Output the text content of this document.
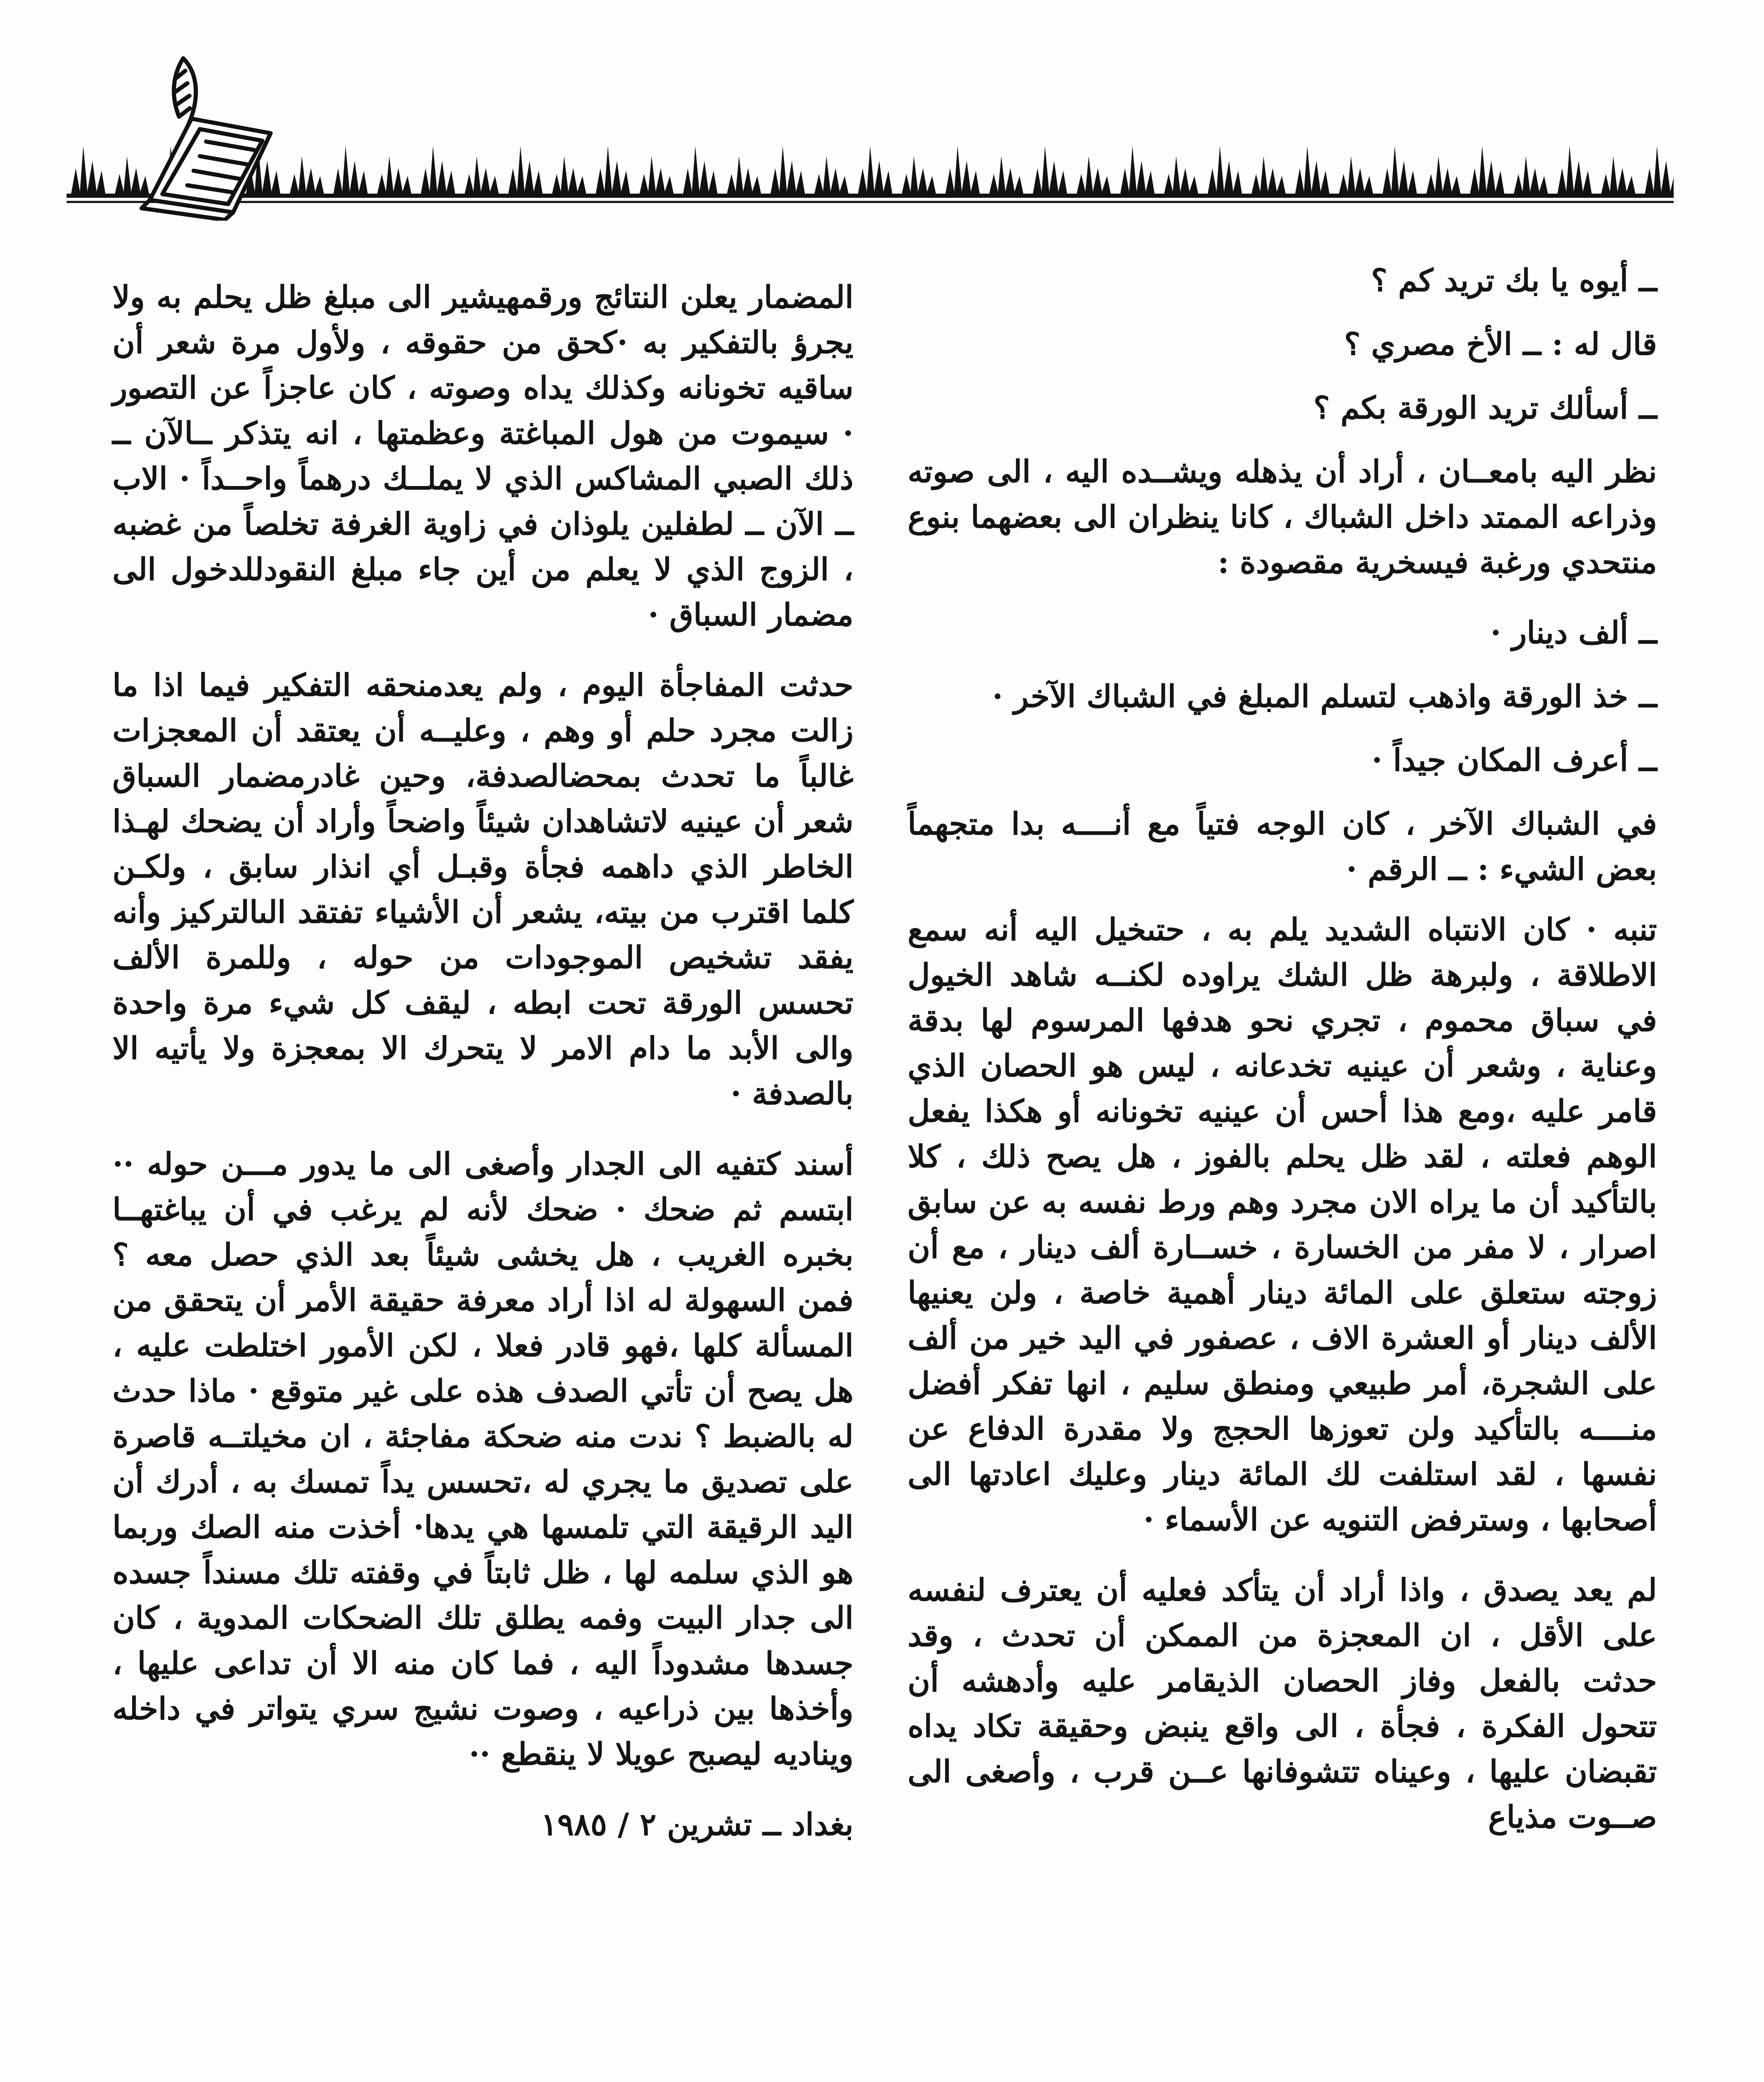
ــ أيوه يا بك تريد كم ؟

قال له : ــ الأخ مصري ؟

ــ أسألك تريد الورقة بكم ؟

نظر اليه بامعــان ، أراد أن يذهله ويشــده اليه ، الى صوته وذراعه الممتد داخل الشباك ، كانا ينظران الى بعضهما بنوع منتحدي ورغبة فيسخرية مقصودة :

ــ ألف دينار ·

ــ خذ الورقة واذهب لتسلم المبلغ في الشباك الآخر ·

ــ أعرف المكان جيداً ·

في الشباك الآخر ، كان الوجه فتياً مع أنــــه بدا متجهماً بعض الشيء : ــ الرقم ·

تنبه · كان الانتباه الشديد يلم به ، حتىخيل اليه أنه سمع الاطلاقة ، ولبرهة ظل الشك يراوده لكنــه شاهد الخيول في سباق محموم ، تجري نحو هدفها المرسوم لها بدقة وعناية ، وشعر أن عينيه تخدعانه ، ليس هو الحصان الذي قامر عليه ،ومع هذا أحس أن عينيه تخونانه أو هكذا يفعل الوهم فعلته ، لقد ظل يحلم بالفوز ، هل يصح ذلك ، كلا بالتأكيد أن ما يراه الان مجرد وهم ورط نفسه به عن سابق اصرار ، لا مفر من الخسارة ، خســارة ألف دينار ، مع أن زوجته ستعلق على المائة دينار أهمية خاصة ، ولن يعنيها الألف دينار أو العشرة الاف ، عصفور في اليد خير من ألف على الشجرة، أمر طبيعي ومنطق سليم ، انها تفكر أفضل منــــه بالتأكيد ولن تعوزها الحجج ولا مقدرة الدفاع عن نفسها ، لقد استلفت لك المائة دينار وعليك اعادتها الى أصحابها ، وسترفض التنويه عن الأسماء ·

لم يعد يصدق ، واذا أراد أن يتأكد فعليه أن يعترف لنفسه على الأقل ، ان المعجزة من الممكن أن تحدث ، وقد حدثت بالفعل وفاز الحصان الذيقامر عليه وأدهشه أن تتحول الفكرة ، فجأة ، الى واقع ينبض وحقيقة تكاد يداه تقبضان عليها ، وعيناه تتشوفانها عــن قرب ، وأصغى الى صــوت مذياع

المضمار يعلن النتائج ورقمهيشير الى مبلغ ظل يحلم به ولا يجرؤ بالتفكير به ·كحق من حقوقه ، ولأول مرة شعر أن ساقيه تخونانه وكذلك يداه وصوته ، كان عاجزاً عن التصور · سيموت من هول المباغتة وعظمتها ، انه يتذكر ــالآن ــ ذلك الصبي المشاكس الذي لا يملــك درهماً واحــداً · الاب ــ الآن ــ لطفلين يلوذان في زاوية الغرفة تخلصاً من غضبه ، الزوج الذي لا يعلم من أين جاء مبلغ النقودللدخول الى مضمار السباق ·

حدثت المفاجأة اليوم ، ولم يعدمنحقه التفكير فيما اذا ما زالت مجرد حلم أو وهم ، وعليــه أن يعتقد أن المعجزات غالباً ما تحدث بمحضالصدفة، وحين غادرمضمار السباق شعر أن عينيه لاتشاهدان شيئاً واضحاً وأراد أن يضحك لهـذا الخاطر الذي داهمه فجأة وقبـل أي انذار سابق ، ولكـن كلما اقترب من بيته، يشعر أن الأشياء تفتقد الىالتركيز وأنه يفقد تشخيص الموجودات من حوله ، وللمرة الألف تحسس الورقة تحت ابطه ، ليقف كل شيء مرة واحدة والى الأبد ما دام الامر لا يتحرك الا بمعجزة ولا يأتيه الا بالصدفة ·

أسند كتفيه الى الجدار وأصغى الى ما يدور مـــن حوله ·· ابتسم ثم ضحك · ضحك لأنه لم يرغب في أن يباغتهــا بخبره الغريب ، هل يخشى شيئاً بعد الذي حصل معه ؟ فمن السهولة له اذا أراد معرفة حقيقة الأمر أن يتحقق من المسألة كلها ،فهو قادر فعلا ، لكن الأمور اختلطت عليه ، هل يصح أن تأتي الصدف هذه على غير متوقع · ماذا حدث له بالضبط ؟ ندت منه ضحكة مفاجئة ، ان مخيلتــه قاصرة على تصديق ما يجري له ،تحسس يداً تمسك به ، أدرك أن اليد الرقيقة التي تلمسها هي يدها· أخذت منه الصك وربما هو الذي سلمه لها ، ظل ثابتاً في وقفته تلك مسنداً جسده الى جدار البيت وفمه يطلق تلك الضحكات المدوية ، كان جسدها مشدوداً اليه ، فما كان منه الا أن تداعى عليها ، وأخذها بين ذراعيه ، وصوت نشيج سري يتواتر في داخله ويناديه ليصبح عويلا لا ينقطع ··

بغداد ــ تشرين ٢ / ١٩٨٥
